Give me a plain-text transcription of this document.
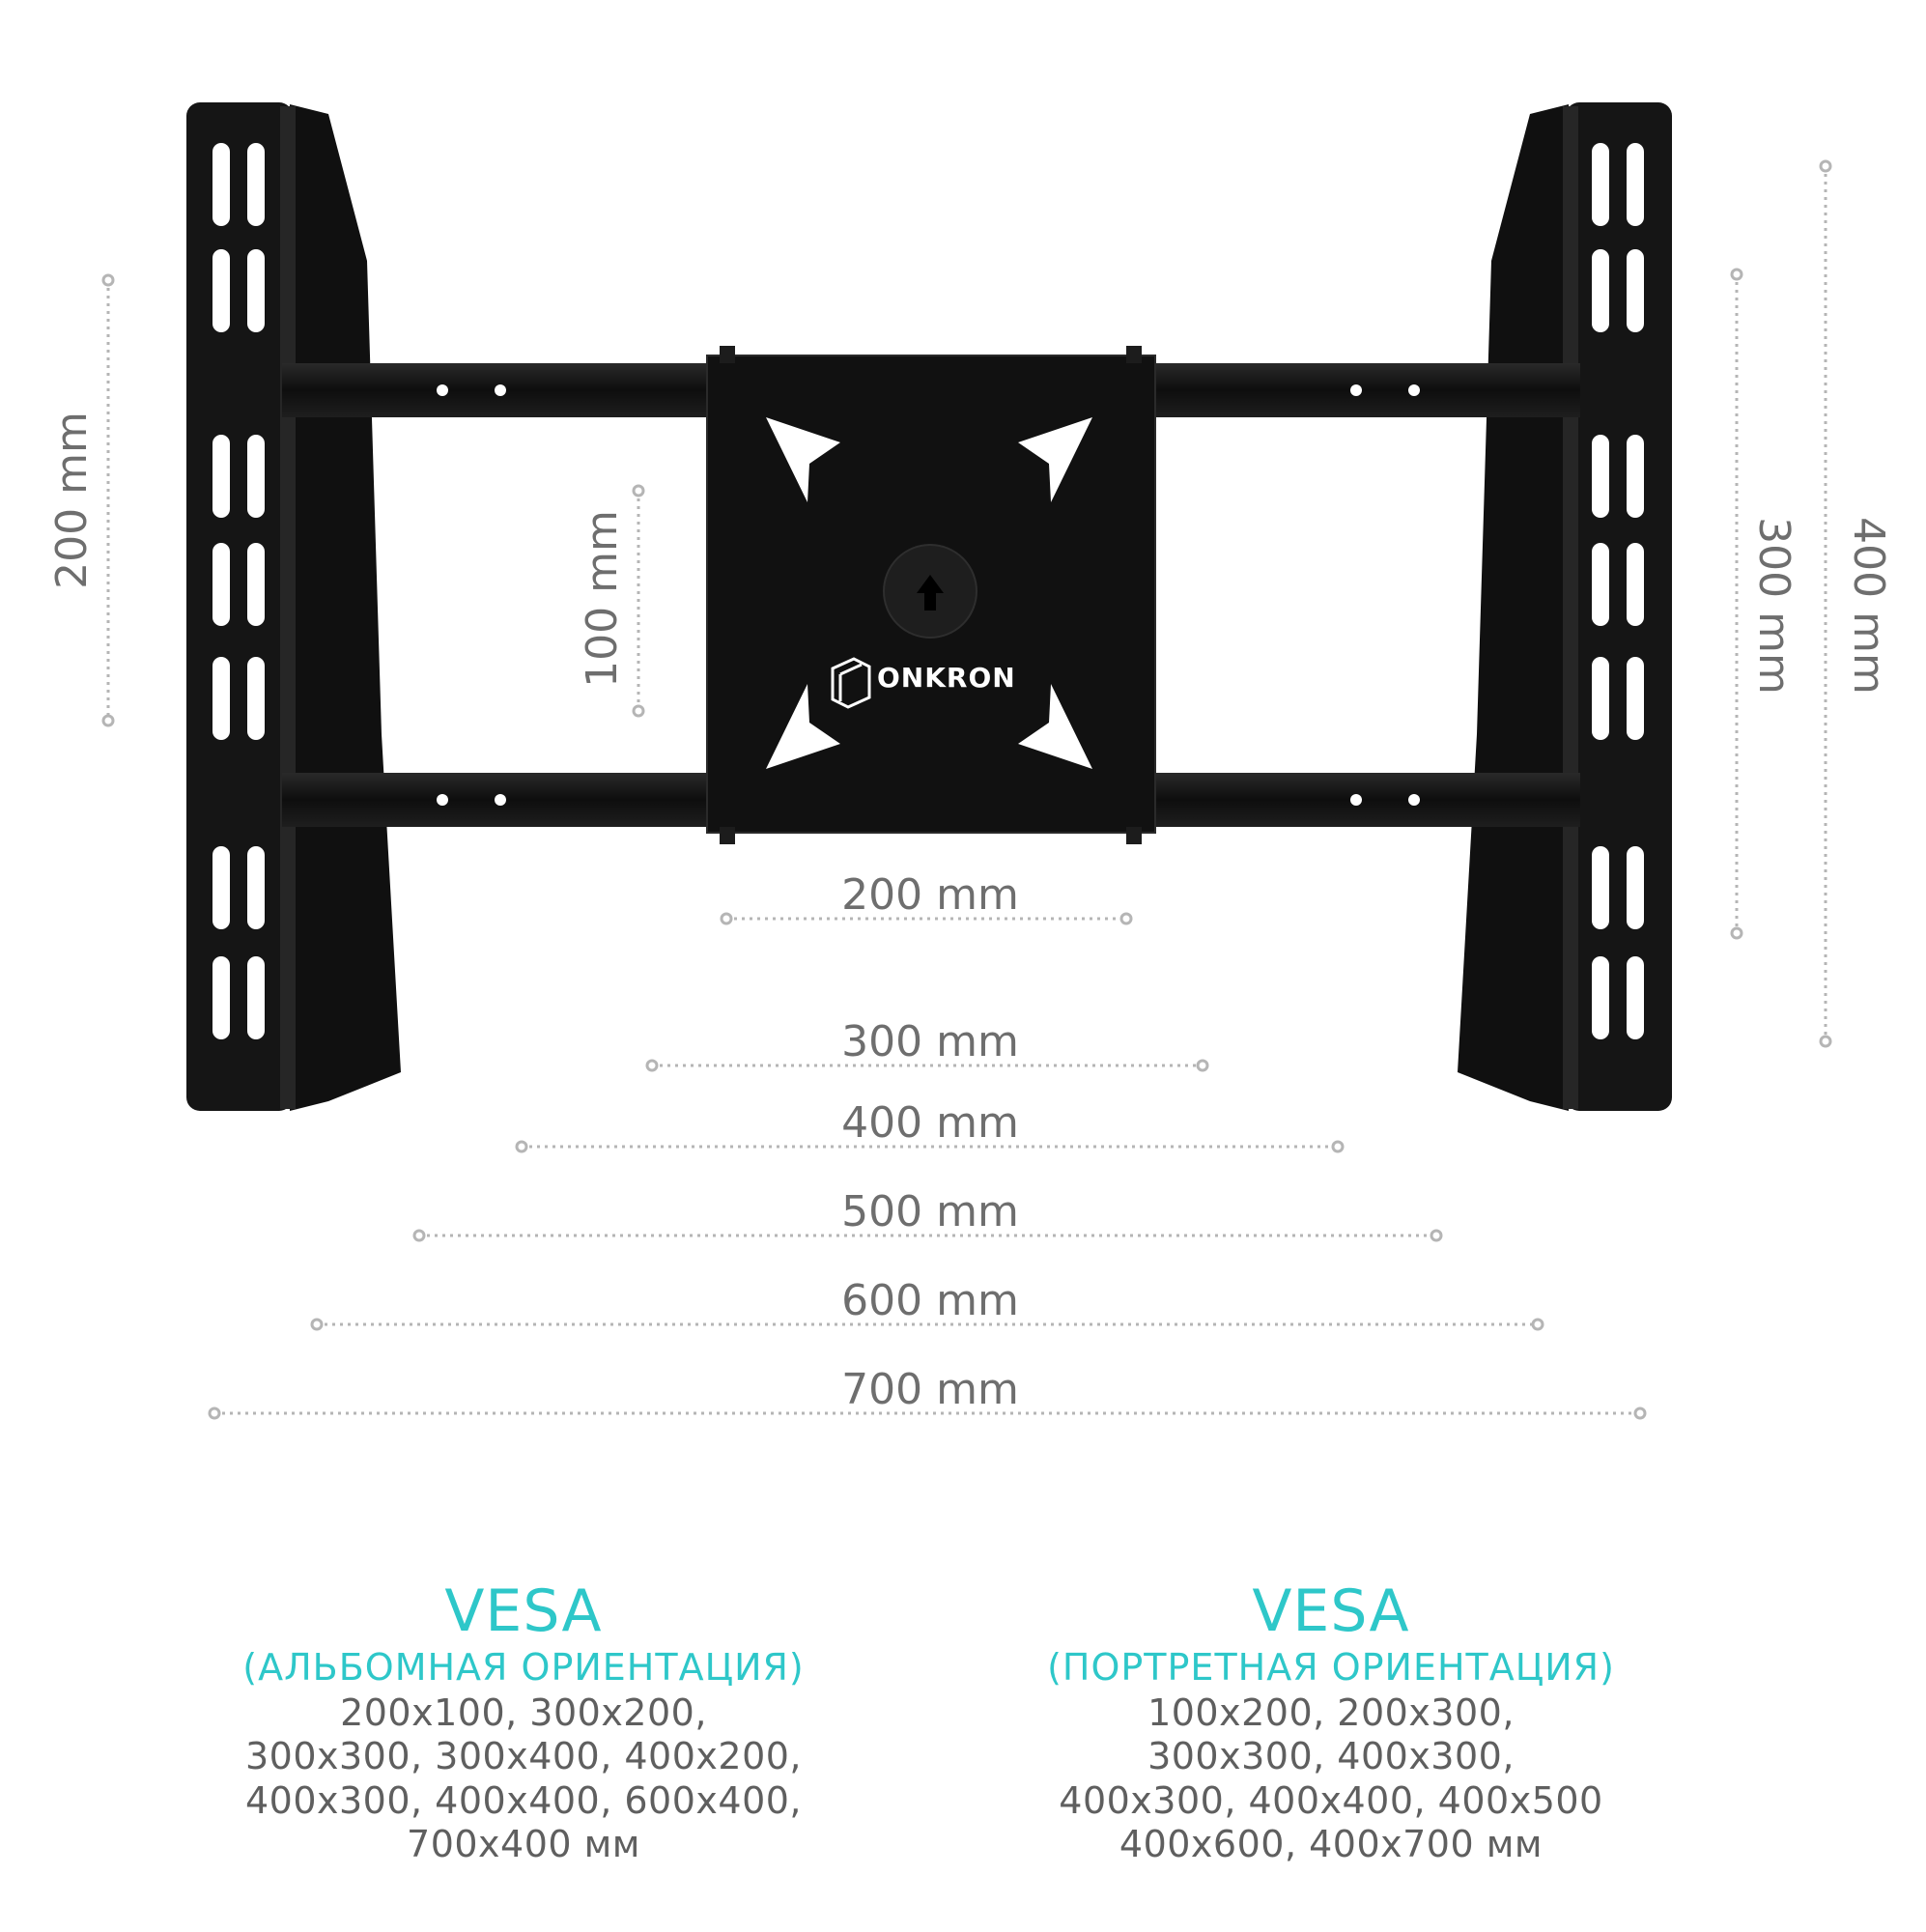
ONKRON
200 mm
300 mm
400 mm
500 mm
600 mm
700 mm
200 mm
100 mm	300 mm 400 mm
VESA
(АЛЬБОМНАЯ ОРИЕНТАЦИЯ)
200x100, 300x200,
300x300, 300x400, 400x200,
400x300, 400x400, 600x400,
700x400 мм
VESA
(ПОРТРЕТНАЯ ОРИЕНТАЦИЯ)
100x200, 200x300,
300x300, 400x300,
400x300, 400x400, 400x500
400x600, 400x700 мм
